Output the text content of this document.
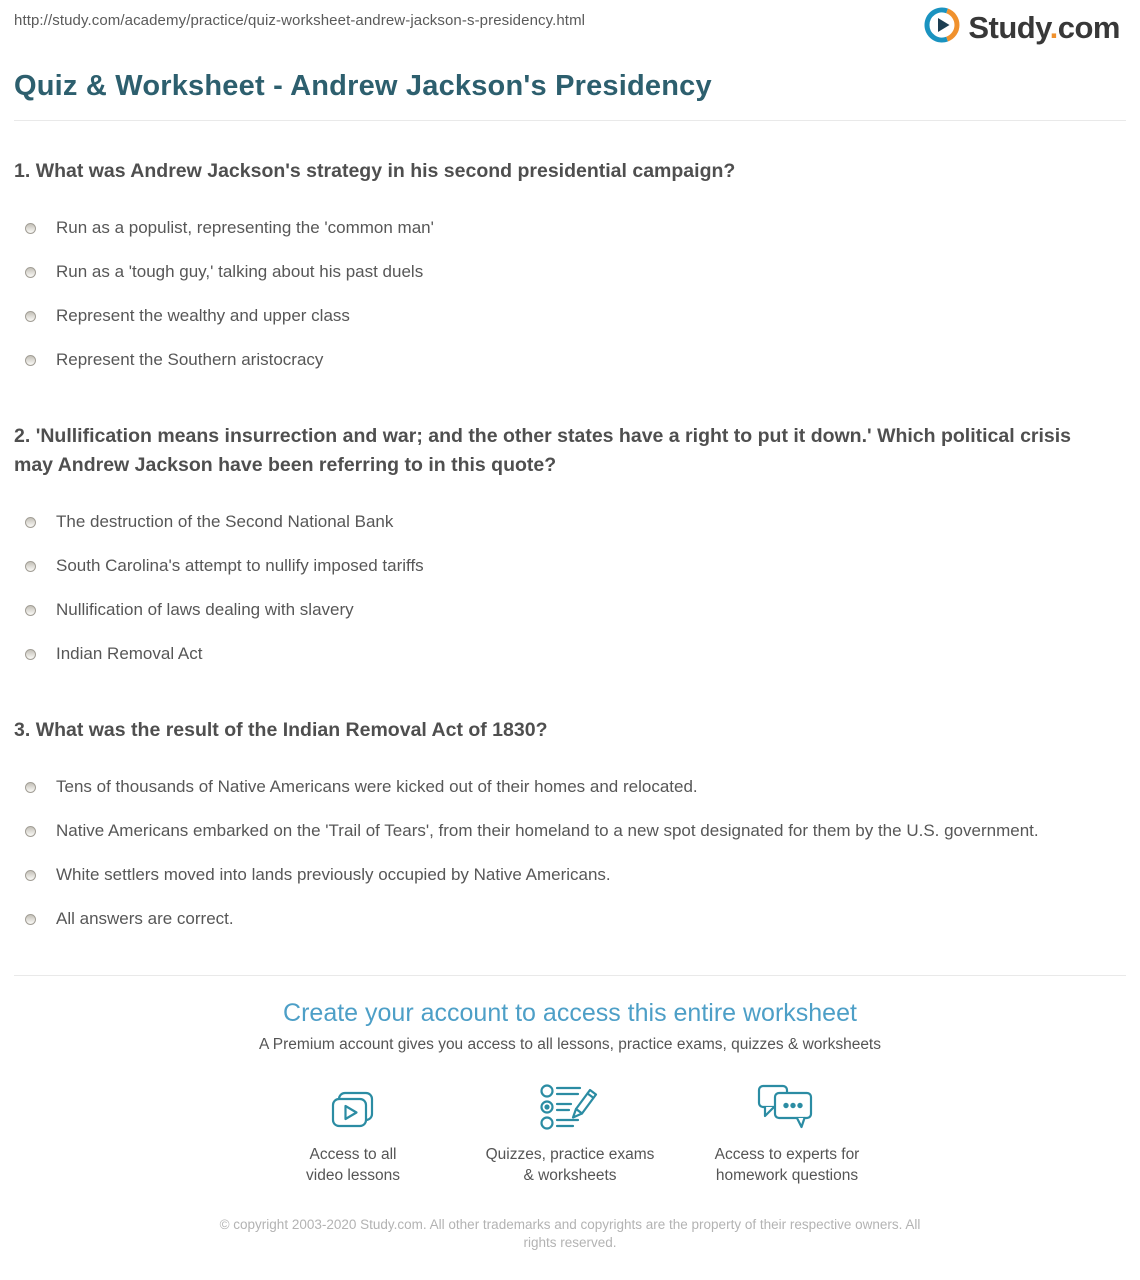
http://study.com/academy/practice/quiz-worksheet-andrew-jackson-s-presidency.html	Study.com
Quiz & Worksheet - Andrew Jackson's Presidency
1. What was Andrew Jackson's strategy in his second presidential campaign?
Run as a populist, representing the 'common man'
Run as a 'tough guy,' talking about his past duels
Represent the wealthy and upper class
Represent the Southern aristocracy
2. 'Nullification means insurrection and war; and the other states have a right to put it down.' Which political crisis may Andrew Jackson have been referring to in this quote?
The destruction of the Second National Bank
South Carolina's attempt to nullify imposed tariffs
Nullification of laws dealing with slavery
Indian Removal Act
3. What was the result of the Indian Removal Act of 1830?
Tens of thousands of Native Americans were kicked out of their homes and relocated.
Native Americans embarked on the 'Trail of Tears', from their homeland to a new spot designated for them by the U.S. government.
White settlers moved into lands previously occupied by Native Americans.
All answers are correct.
Create your account to access this entire worksheet
A Premium account gives you access to all lessons, practice exams, quizzes & worksheets
Access to all
video lessons
Quizzes, practice exams
& worksheets
Access to experts for
homework questions
© copyright 2003-2020 Study.com. All other trademarks and copyrights are the property of their respective owners. All rights reserved.
